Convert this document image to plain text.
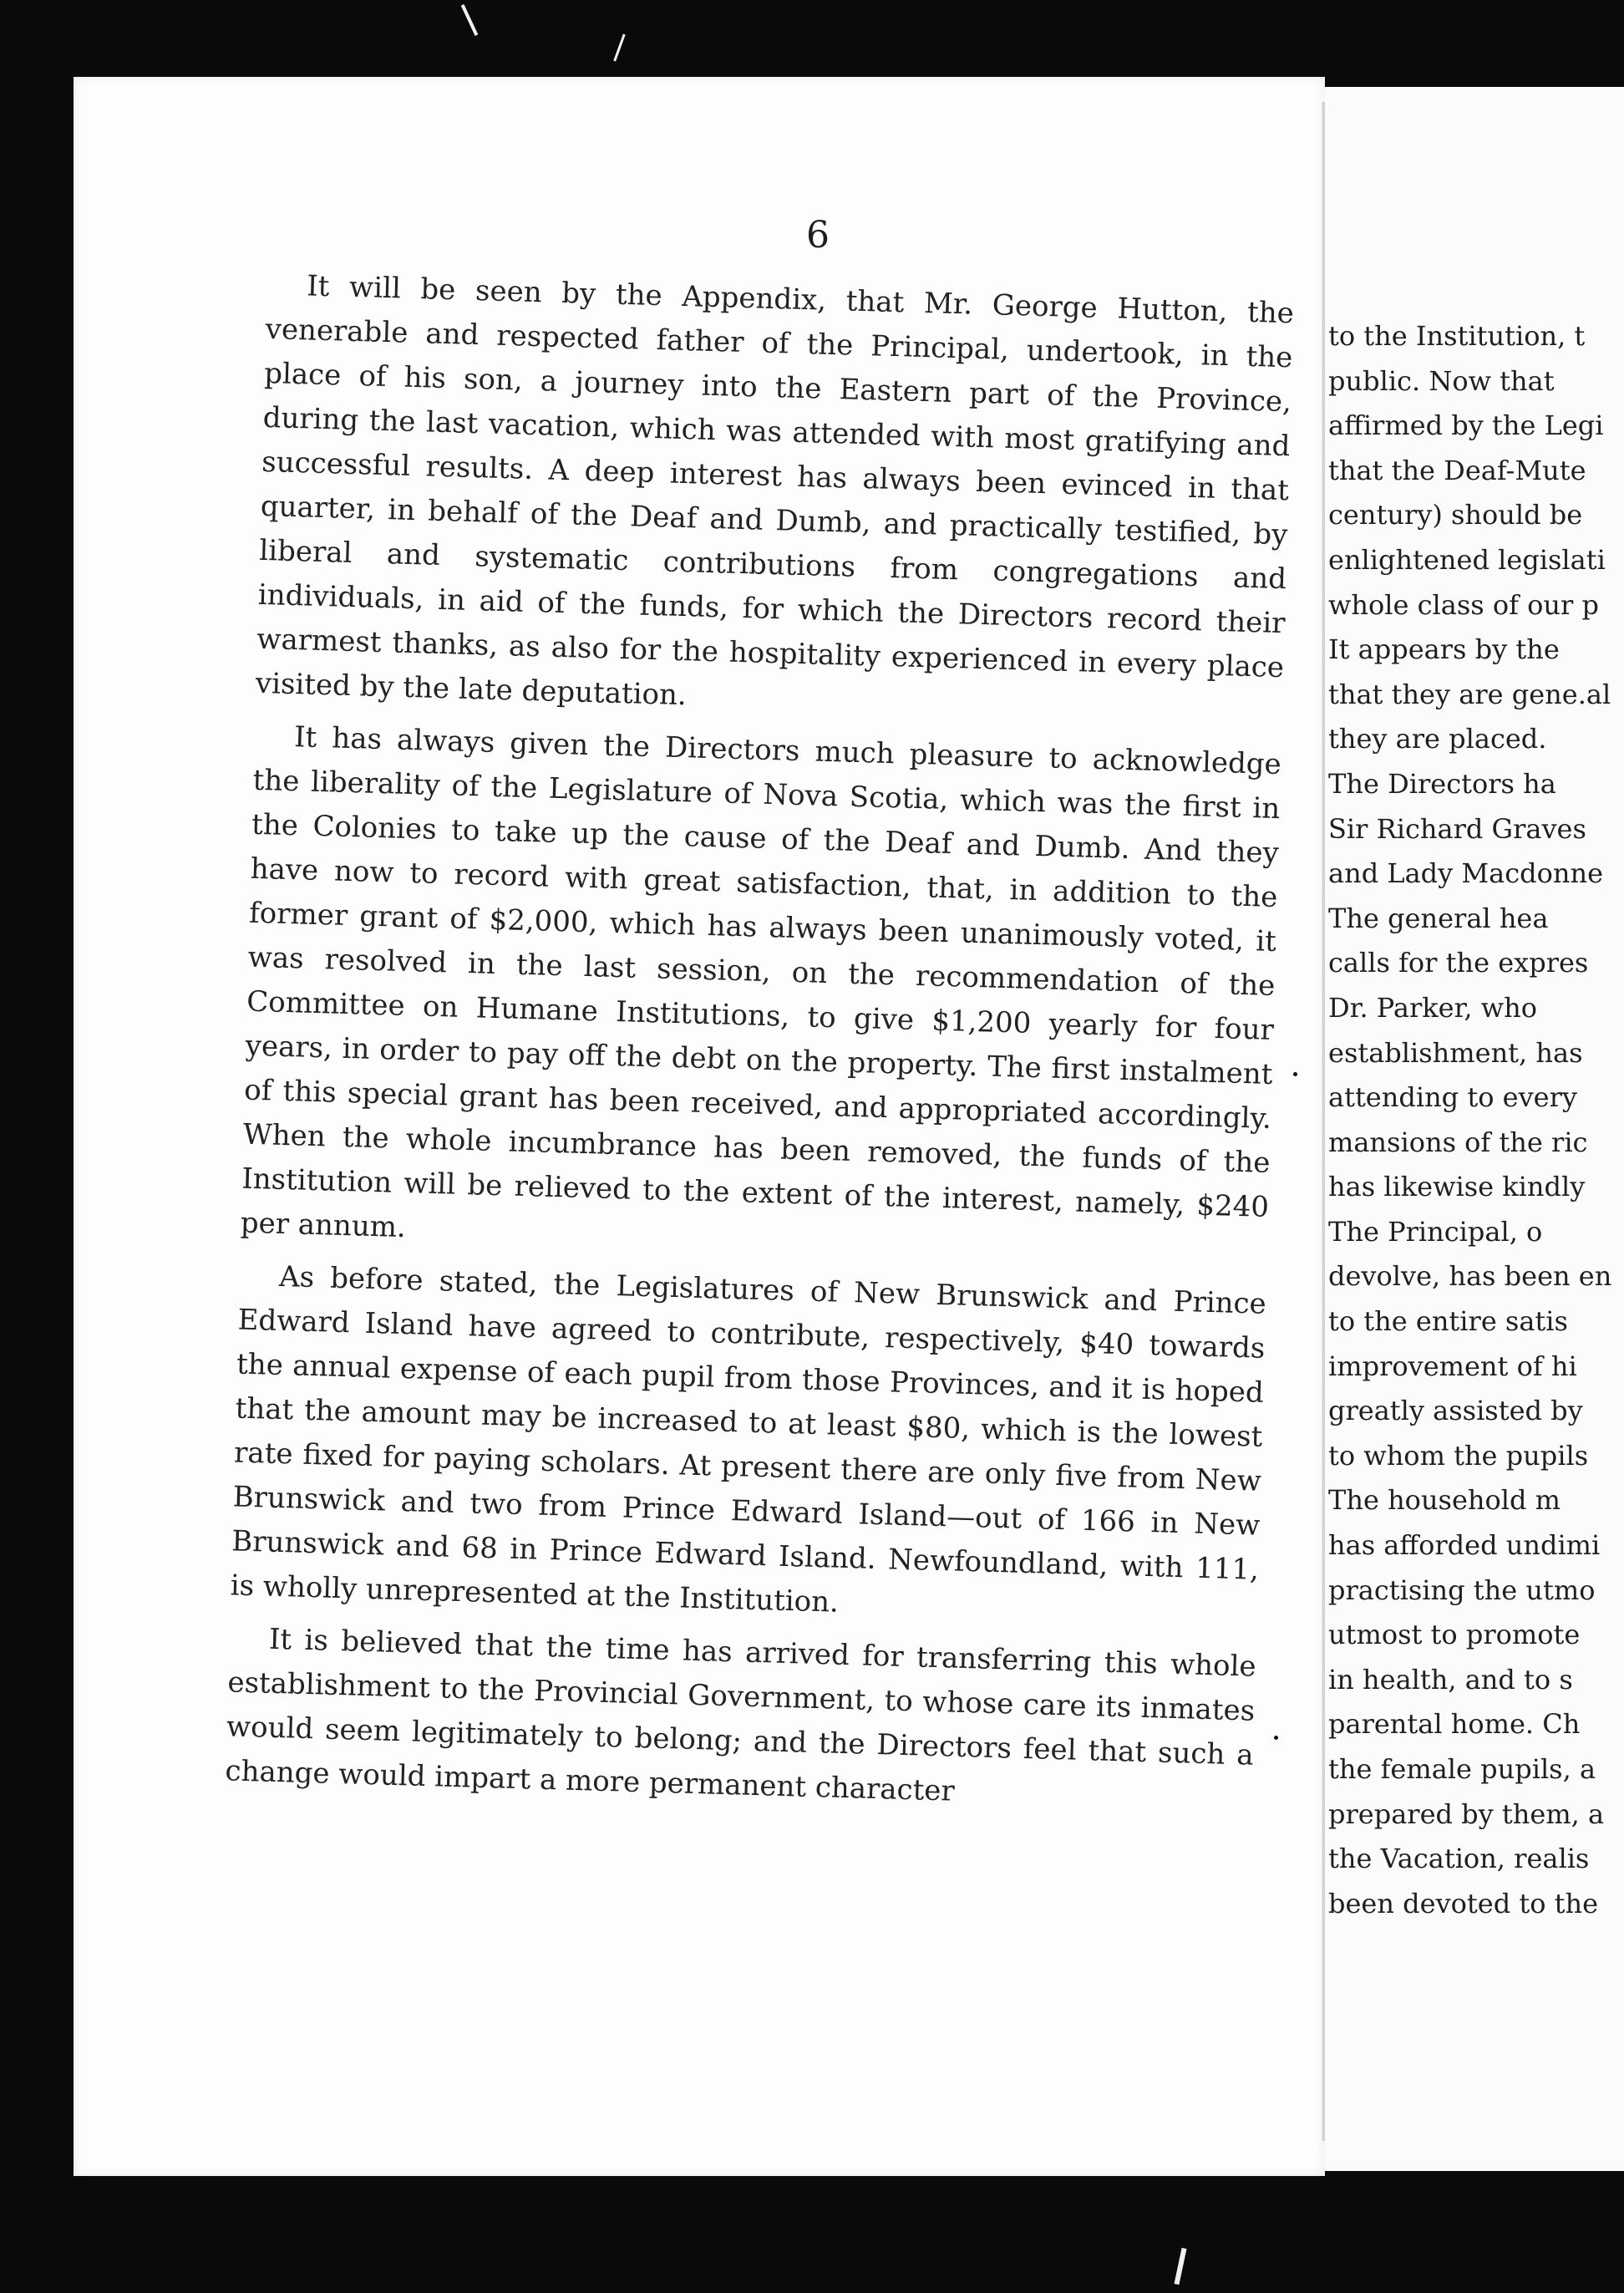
6

It will be seen by the Appendix, that Mr. George Hutton, the venerable and respected father of the Principal, undertook, in the place of his son, a journey into the Eastern part of the Province, during the last vacation, which was attended with most gratifying and successful results. A deep interest has always been evinced in that quarter, in behalf of the Deaf and Dumb, and practically testified, by liberal and systematic contributions from congregations and individuals, in aid of the funds, for which the Directors record their warmest thanks, as also for the hospitality experienced in every place visited by the late deputation.

It has always given the Directors much pleasure to acknowledge the liberality of the Legislature of Nova Scotia, which was the first in the Colonies to take up the cause of the Deaf and Dumb. And they have now to record with great satisfaction, that, in addition to the former grant of $2,000, which has always been unanimously voted, it was resolved in the last session, on the recommendation of the Committee on Humane Institutions, to give $1,200 yearly for four years, in order to pay off the debt on the property. The first instalment of this special grant has been received, and appropriated accordingly. When the whole incumbrance has been removed, the funds of the Institution will be relieved to the extent of the interest, namely, $240 per annum.

As before stated, the Legislatures of New Brunswick and Prince Edward Island have agreed to contribute, respectively, $40 towards the annual expense of each pupil from those Provinces, and it is hoped that the amount may be increased to at least $80, which is the lowest rate fixed for paying scholars. At present there are only five from New Brunswick and two from Prince Edward Island—out of 166 in New Brunswick and 68 in Prince Edward Island. Newfoundland, with 111, is wholly unrepresented at the Institution.

It is believed that the time has arrived for transferring this whole establishment to the Provincial Government, to whose care its inmates would seem legitimately to belong; and the Directors feel that such a change would impart a more permanent character

to the Institution, t
public. Now that
affirmed by the Legi
that the Deaf-Mute
century) should be
enlightened legislati
whole class of our p
It appears by the
that they are gene.al
they are placed.
The Directors ha
Sir Richard Graves
and Lady Macdonne
The general hea
calls for the expres
Dr. Parker, who
establishment, has
attending to every
mansions of the ric
has likewise kindly
The Principal, o
devolve, has been en
to the entire satis
improvement of hi
greatly assisted by
to whom the pupils
The household m
has afforded undimi
practising the utmo
utmost to promote
in health, and to s
parental home. Ch
the female pupils, a
prepared by them, a
the Vacation, realis
been devoted to the
